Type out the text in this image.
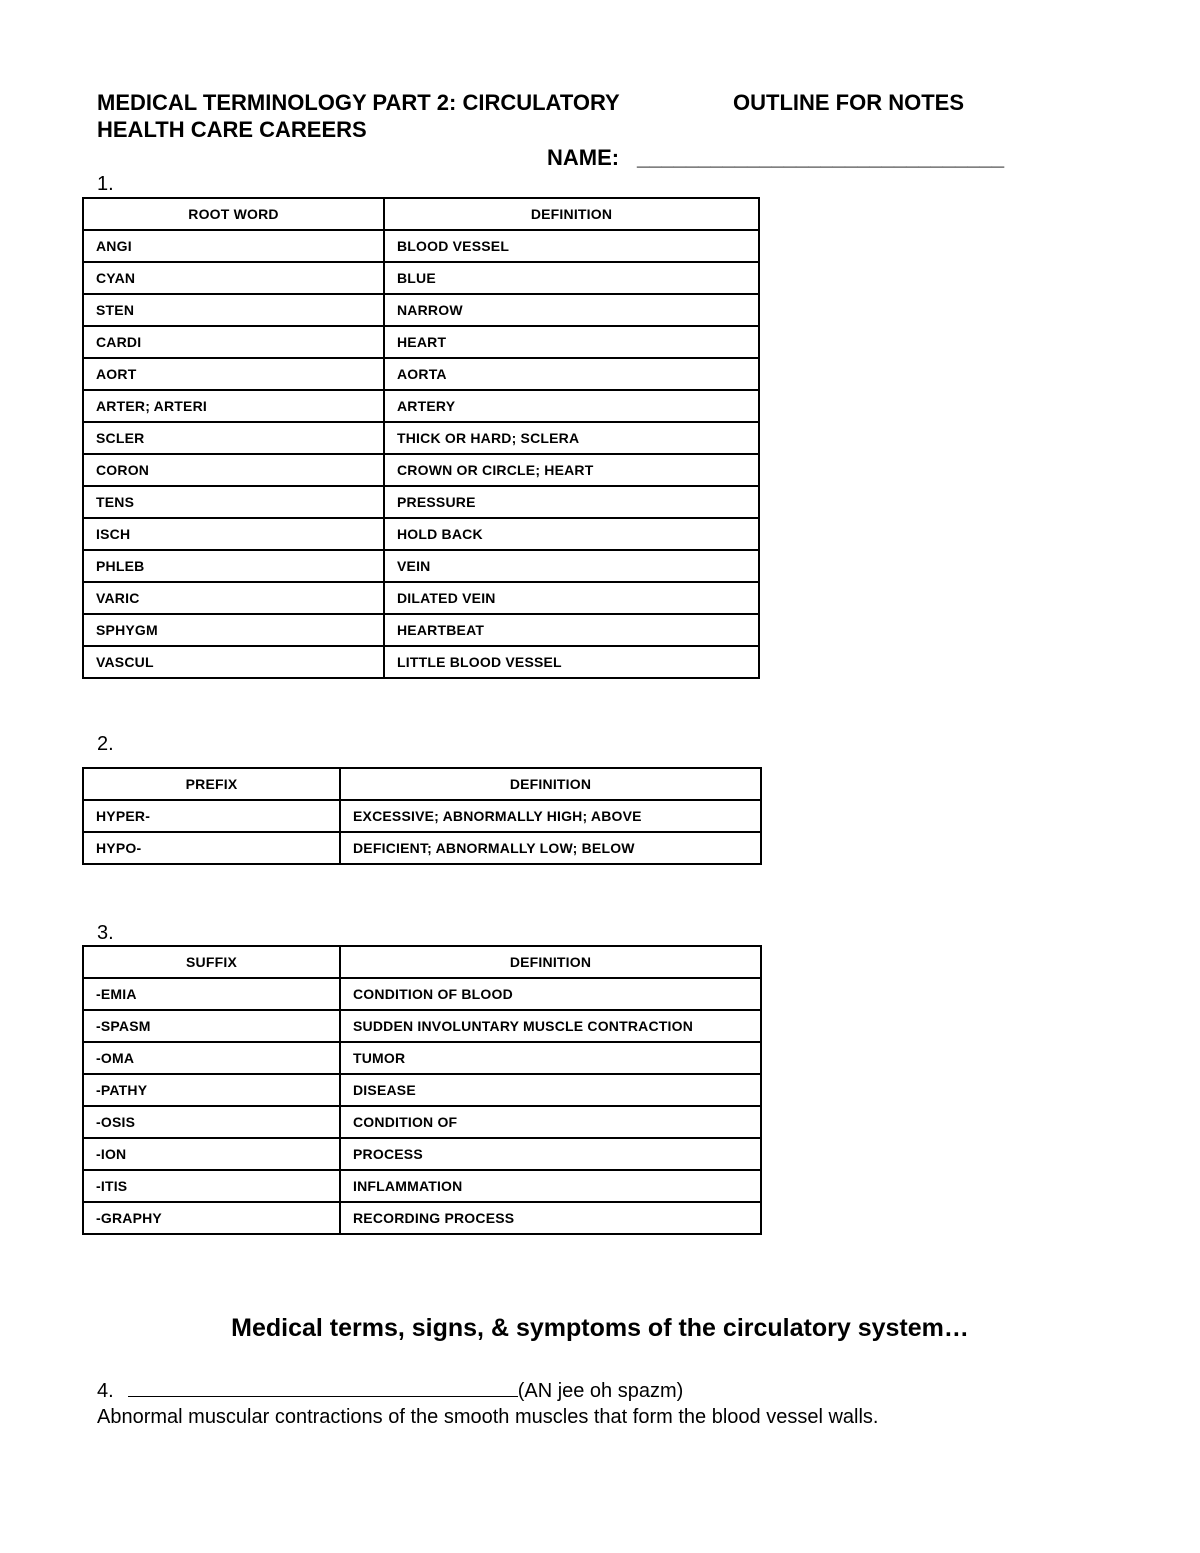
MEDICAL TERMINOLOGY PART 2: CIRCULATORY	OUTLINE FOR NOTES
HEALTH CARE CAREERS
NAME: ______________________________
1.
ROOT WORD	DEFINITION
ANGI	BLOOD VESSEL
CYAN	BLUE
STEN	NARROW
CARDI	HEART
AORT	AORTA
ARTER; ARTERI	ARTERY
SCLER	THICK OR HARD; SCLERA
CORON	CROWN OR CIRCLE; HEART
TENS	PRESSURE
ISCH	HOLD BACK
PHLEB	VEIN
VARIC	DILATED VEIN
SPHYGM	HEARTBEAT
VASCUL	LITTLE BLOOD VESSEL
2.
PREFIX	DEFINITION
HYPER-	EXCESSIVE; ABNORMALLY HIGH; ABOVE
HYPO-	DEFICIENT; ABNORMALLY LOW; BELOW
3.
SUFFIX	DEFINITION
-EMIA	CONDITION OF BLOOD
-SPASM	SUDDEN INVOLUNTARY MUSCLE CONTRACTION
-OMA	TUMOR
-PATHY	DISEASE
-OSIS	CONDITION OF
-ION	PROCESS
-ITIS	INFLAMMATION
-GRAPHY	RECORDING PROCESS
Medical terms, signs, & symptoms of the circulatory system…
4.	(AN jee oh spazm)
Abnormal muscular contractions of the smooth muscles that form the blood vessel walls.
